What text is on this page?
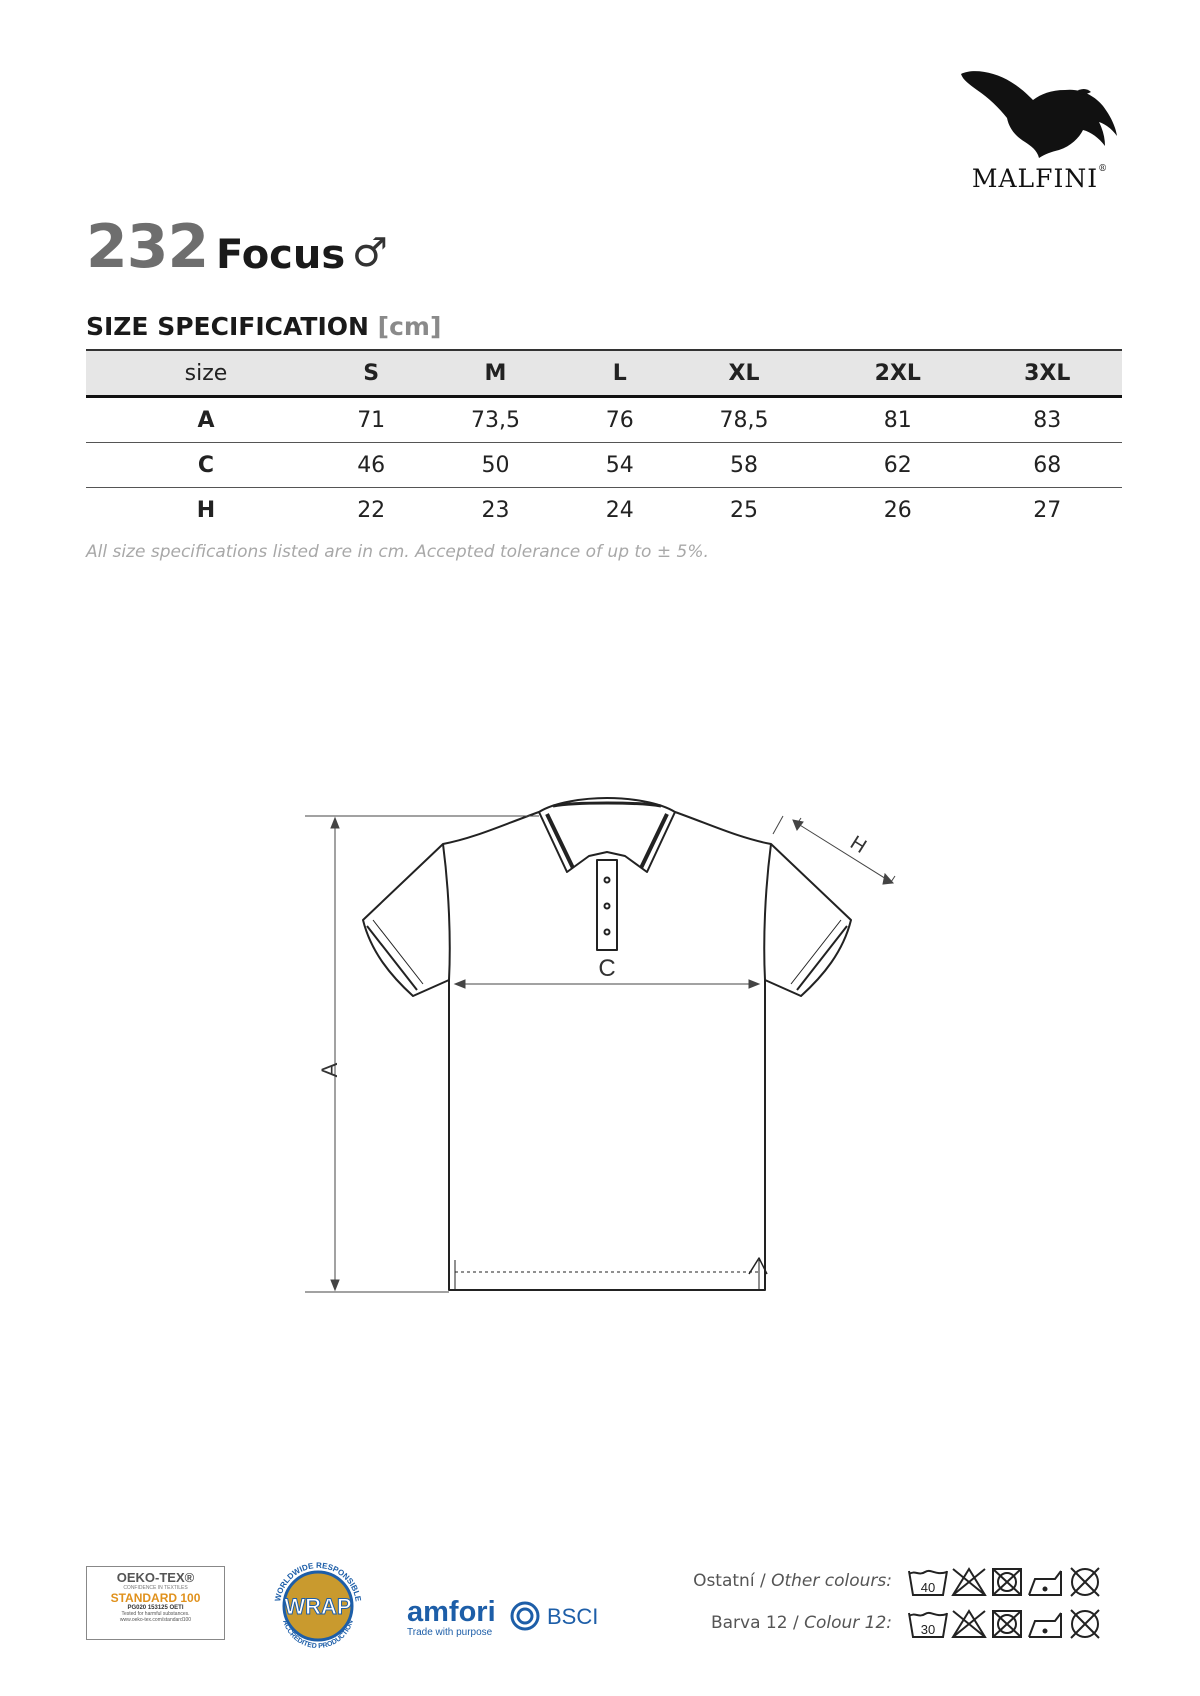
MALFINI®
232 Focus ♂
SIZE SPECIFICATION [cm]
size	S	M	L	XL	2XL	3XL
A	71	73,5	76	78,5	81	83
C	46	50	54	58	62	68
H	22	23	24	25	26	27
All size specifications listed are in cm. Accepted tolerance of up to ± 5%.
A
C
H
OEKO-TEX®
CONFIDENCE IN TEXTILES
STANDARD 100
PG020 153125 OETI
Tested for harmful substances.
www.oeko-tex.com/standard100
WORLDWIDE RESPONSIBLE
ACCREDITED PRODUCTION
WRAP amfori
Trade with purpose
BSCI
Ostatní / Other colours:
Barva 12 / Colour 12:
40
30
